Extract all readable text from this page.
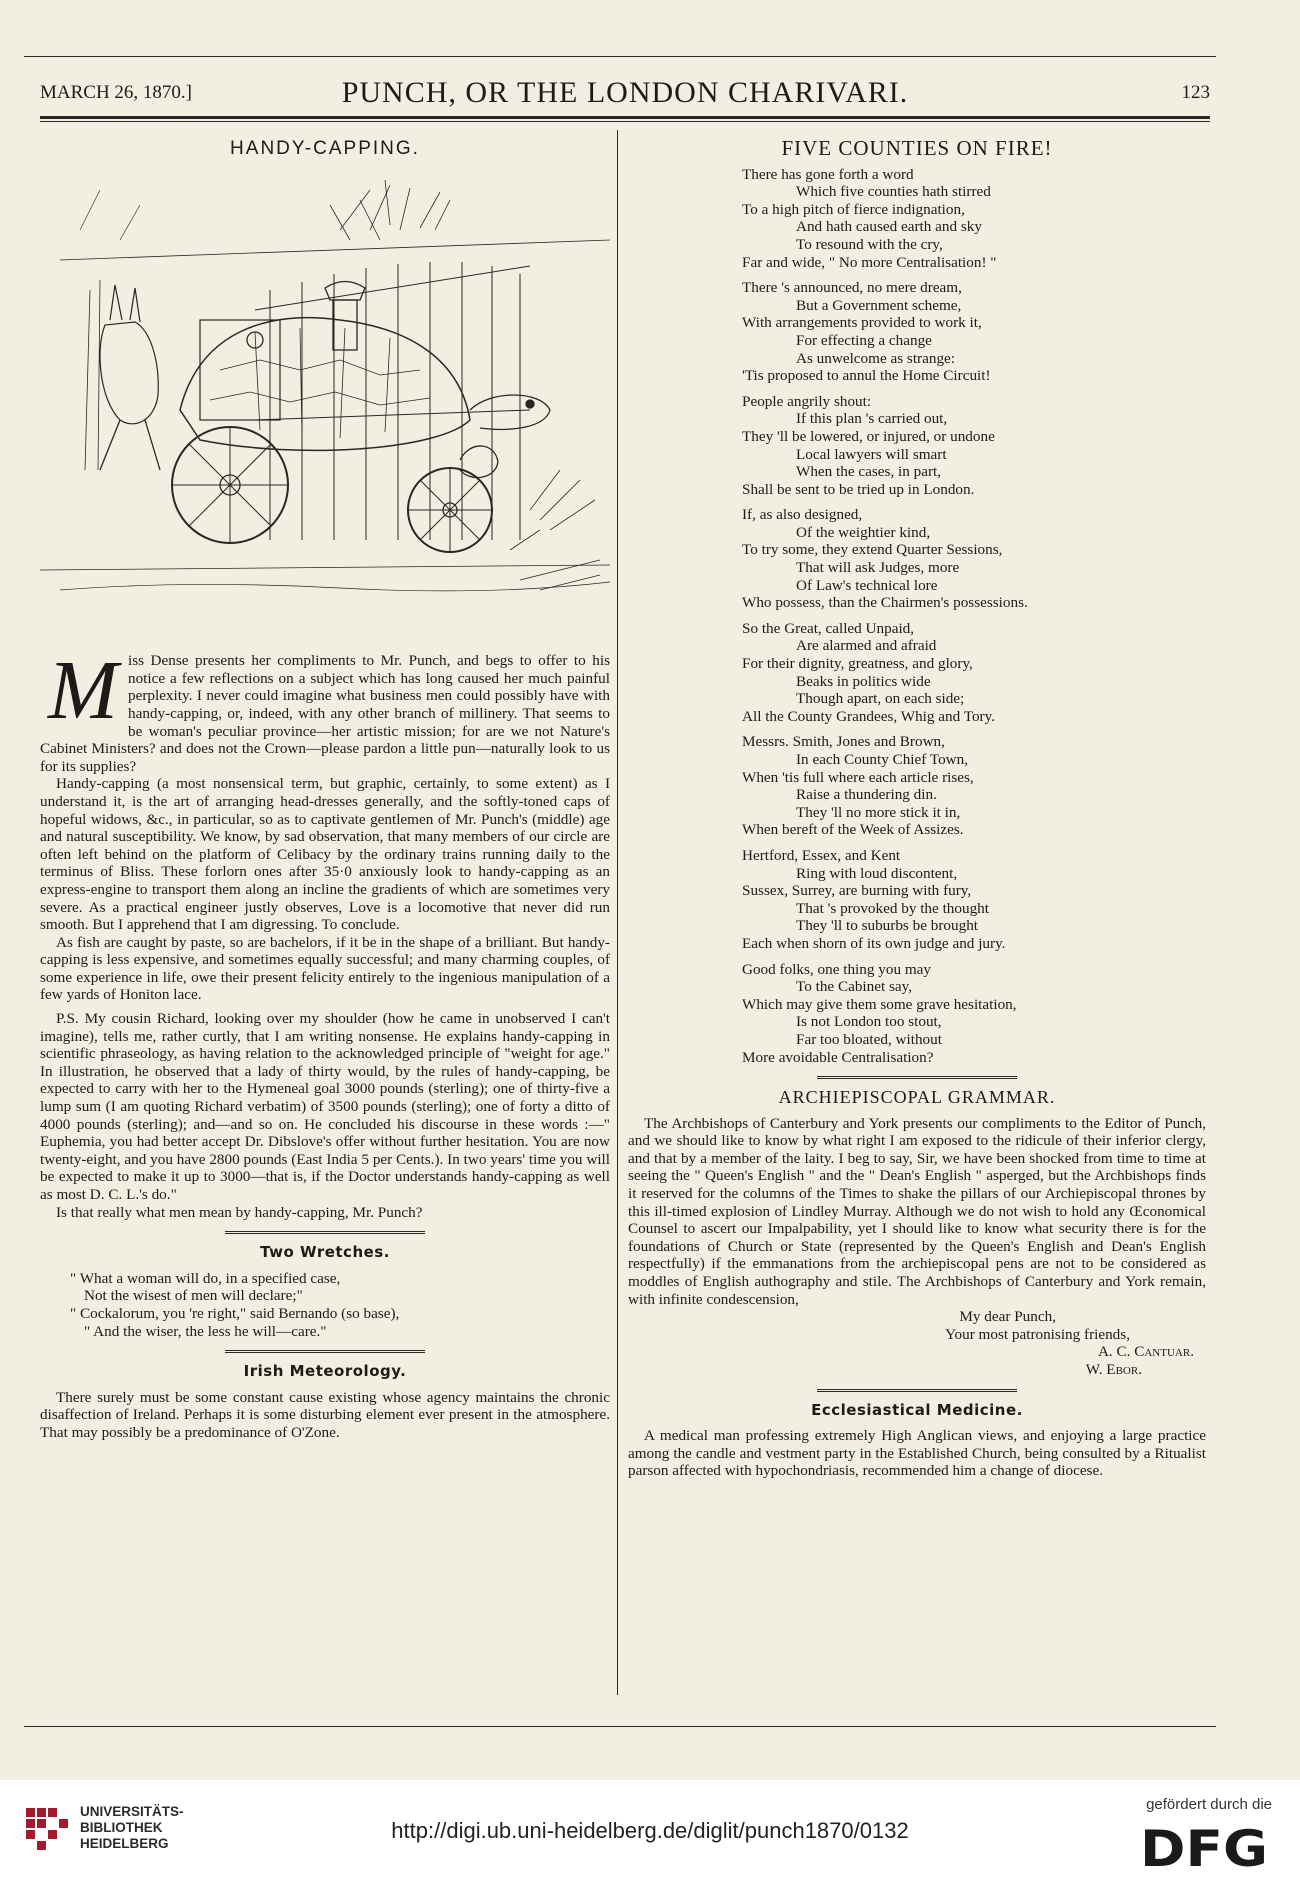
MARCH 26, 1870.]	PUNCH, OR THE LONDON CHARIVARI.	123
HANDY-CAPPING.
M iss Dense presents her compliments to Mr. Punch, and begs to offer to his notice a few reflections on a subject which has long caused her much painful perplexity. I never could imagine what business men could possibly have with handy-capping, or, indeed, with any other branch of millinery. That seems to be woman's peculiar province—her artistic mission; for are we not Nature's Cabinet Ministers? and does not the Crown—please pardon a little pun—naturally look to us for its supplies?

Handy-capping (a most nonsensical term, but graphic, certainly, to some extent) as I understand it, is the art of arranging head-dresses generally, and the softly-toned caps of hopeful widows, &c., in particular, so as to captivate gentlemen of Mr. Punch's (middle) age and natural susceptibility. We know, by sad observation, that many members of our circle are often left behind on the platform of Celibacy by the ordinary trains running daily to the terminus of Bliss. These forlorn ones after 35·0 anxiously look to handy-capping as an express-engine to transport them along an incline the gradients of which are sometimes very severe. As a practical engineer justly observes, Love is a locomotive that never did run smooth. But I apprehend that I am digressing. To conclude.

As fish are caught by paste, so are bachelors, if it be in the shape of a brilliant. But handy-capping is less expensive, and sometimes equally successful; and many charming couples, of some experience in life, owe their present felicity entirely to the ingenious manipulation of a few yards of Honiton lace.

P.S. My cousin Richard, looking over my shoulder (how he came in unobserved I can't imagine), tells me, rather curtly, that I am writing nonsense. He explains handy-capping in scientific phraseology, as having relation to the acknowledged principle of "weight for age." In illustration, he observed that a lady of thirty would, by the rules of handy-capping, be expected to carry with her to the Hymeneal goal 3000 pounds (sterling); one of thirty-five a lump sum (I am quoting Richard verbatim) of 3500 pounds (sterling); one of forty a ditto of 4000 pounds (sterling); and—and so on. He concluded his discourse in these words :—" Euphemia, you had better accept Dr. Dibslove's offer without further hesitation. You are now twenty-eight, and you have 2800 pounds (East India 5 per Cents.). In two years' time you will be expected to make it up to 3000—that is, if the Doctor understands handy-capping as well as most D. C. L.'s do."

Is that really what men mean by handy-capping, Mr. Punch?

Two Wretches.
" What a woman will do, in a specified case,
Not the wisest of men will declare;"
" Cockalorum, you 're right," said Bernando (so base),
" And the wiser, the less he will—care."
Irish Meteorology.

There surely must be some constant cause existing whose agency maintains the chronic disaffection of Ireland. Perhaps it is some disturbing element ever present in the atmosphere. That may possibly be a predominance of O'Zone.

FIVE COUNTIES ON FIRE!
There has gone forth a word
Which five counties hath stirred
To a high pitch of fierce indignation,
And hath caused earth and sky
To resound with the cry,
Far and wide, " No more Centralisation! "
There 's announced, no mere dream,
But a Government scheme,
With arrangements provided to work it,
For effecting a change
As unwelcome as strange:
'Tis proposed to annul the Home Circuit!
People angrily shout:
If this plan 's carried out,
They 'll be lowered, or injured, or undone
Local lawyers will smart
When the cases, in part,
Shall be sent to be tried up in London.
If, as also designed,
Of the weightier kind,
To try some, they extend Quarter Sessions,
That will ask Judges, more
Of Law's technical lore
Who possess, than the Chairmen's possessions.
So the Great, called Unpaid,
Are alarmed and afraid
For their dignity, greatness, and glory,
Beaks in politics wide
Though apart, on each side;
All the County Grandees, Whig and Tory.
Messrs. Smith, Jones and Brown,
In each County Chief Town,
When 'tis full where each article rises,
Raise a thundering din.
They 'll no more stick it in,
When bereft of the Week of Assizes.
Hertford, Essex, and Kent
Ring with loud discontent,
Sussex, Surrey, are burning with fury,
That 's provoked by the thought
They 'll to suburbs be brought
Each when shorn of its own judge and jury.
Good folks, one thing you may
To the Cabinet say,
Which may give them some grave hesitation,
Is not London too stout,
Far too bloated, without
More avoidable Centralisation?
ARCHIEPISCOPAL GRAMMAR.

The Archbishops of Canterbury and York presents our compliments to the Editor of Punch, and we should like to know by what right I am exposed to the ridicule of their inferior clergy, and that by a member of the laity. I beg to say, Sir, we have been shocked from time to time at seeing the " Queen's English " and the " Dean's English " asperged, but the Archbishops finds it reserved for the columns of the Times to shake the pillars of our Archiepiscopal thrones by this ill-timed explosion of Lindley Murray. Although we do not wish to hold any Œconomical Counsel to ascert our Impalpability, yet I should like to know what security there is for the foundations of Church or State (represented by the Queen's English and Dean's English respectfully) if the emmanations from the archiepiscopal pens are not to be considered as moddles of English authography and stile. The Archbishops of Canterbury and York remain, with infinite condescension,

My dear Punch,

Your most patronising friends,

A. C. Cantuar.

W. Ebor.

Ecclesiastical Medicine.

A medical man professing extremely High Anglican views, and enjoying a large practice among the candle and vestment party in the Established Church, being consulted by a Ritualist parson affected with hypochondriasis, recommended him a change of diocese.

UNIVERSITÄTS-
BIBLIOTHEK
HEIDELBERG
http://digi.ub.uni-heidelberg.de/diglit/punch1870/0132
gefördert durch die
DFG
